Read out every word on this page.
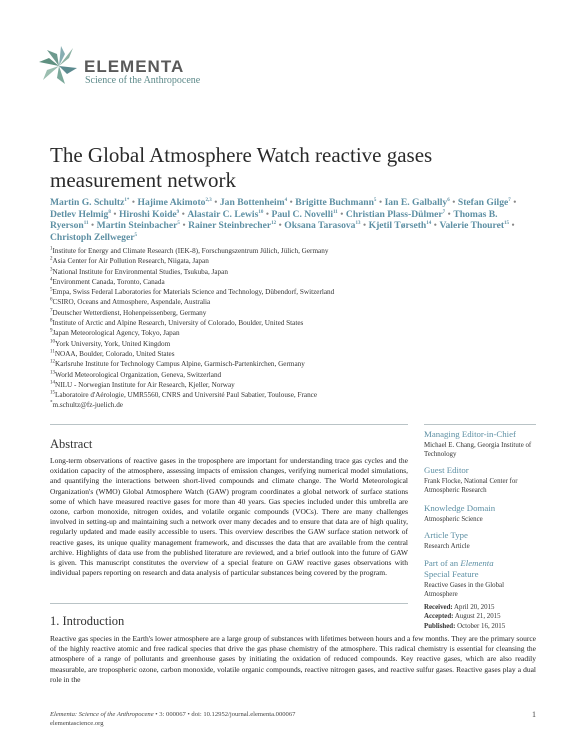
ELEMENTA
Science of the Anthropocene
The Global Atmosphere Watch reactive gases measurement network
Martin G. Schultz$^{1*}$ • Hajime Akimoto$^{2,3}$ • Jan Bottenheim$^4$ • Brigitte Buchmann$^5$ • Ian E. Galbally$^6$ • Stefan Gilge$^7$ • Detlev Helmig$^8$ • Hiroshi Koide$^9$ • Alastair C. Lewis$^{10}$ • Paul C. Novelli$^{11}$ • Christian Plass-Dülmer$^7$ • Thomas B. Ryerson$^{11}$ • Martin Steinbacher$^5$ • Rainer Steinbrecher$^{12}$ • Oksana Tarasova$^{13}$ • Kjetil Tørseth$^{14}$ • Valerie Thouret$^{15}$ • Christoph Zellweger$^5$
$^1$Institute for Energy and Climate Research (IEK-8), Forschungszentrum Jülich, Jülich, Germany
$^2$Asia Center for Air Pollution Research, Niigata, Japan
$^3$National Institute for Environmental Studies, Tsukuba, Japan
$^4$Environment Canada, Toronto, Canada
$^5$Empa, Swiss Federal Laboratories for Materials Science and Technology, Dübendorf, Switzerland
$^6$CSIRO, Oceans and Atmosphere, Aspendale, Australia
$^7$Deutscher Wetterdienst, Hohenpeissenberg, Germany
$^8$Institute of Arctic and Alpine Research, University of Colorado, Boulder, United States
$^9$Japan Meteorological Agency, Tokyo, Japan
$^{10}$York University, York, United Kingdom
$^{11}$NOAA, Boulder, Colorado, United States
$^{12}$Karlsruhe Institute for Technology Campus Alpine, Garmisch-Partenkirchen, Germany
$^{13}$World Meteorological Organization, Geneva, Switzerland
$^{14}$NILU - Norwegian Institute for Air Research, Kjeller, Norway
$^{15}$Laboratoire d'Aérologie, UMR5560, CNRS and Université Paul Sabatier, Toulouse, France
*m.schultz@fz-juelich.de
Abstract
Long-term observations of reactive gases in the troposphere are important for understanding trace gas cycles and the oxidation capacity of the atmosphere, assessing impacts of emission changes, verifying numerical model simulations, and quantifying the interactions between short-lived compounds and climate change. The World Meteorological Organization's (WMO) Global Atmosphere Watch (GAW) program coordinates a global network of surface stations some of which have measured reactive gases for more than 40 years. Gas species included under this umbrella are ozone, carbon monoxide, nitrogen oxides, and volatile organic compounds (VOCs). There are many challenges involved in setting-up and maintaining such a network over many decades and to ensure that data are of high quality, regularly updated and made easily accessible to users. This overview describes the GAW surface station network of reactive gases, its unique quality management framework, and discusses the data that are available from the central archive. Highlights of data use from the published literature are reviewed, and a brief outlook into the future of GAW is given. This manuscript constitutes the overview of a special feature on GAW reactive gases observations with individual papers reporting on research and data analysis of particular substances being covered by the program.
1. Introduction
Reactive gas species in the Earth's lower atmosphere are a large group of substances with lifetimes between hours and a few months. They are the primary source of the highly reactive atomic and free radical species that drive the gas phase chemistry of the atmosphere. This radical chemistry is essential for cleansing the atmosphere of a range of pollutants and greenhouse gases by initiating the oxidation of reduced compounds. Key reactive gases, which are also readily measurable, are tropospheric ozone, carbon monoxide, volatile organic compounds, reactive nitrogen gases, and reactive sulfur gases. Reactive gases play a dual role in the
Managing Editor-in-Chief
Michael E. Chang, Georgia Institute of Technology
Guest Editor
Frank Flocke, National Center for Atmospheric Research
Knowledge Domain
Atmospheric Science
Article Type
Research Article
Part of an Elementa
Special Feature
Reactive Gases in the Global Atmosphere
Received: April 20, 2015
Accepted: August 21, 2015
Published: October 16, 2015
Elementa: Science of the Anthropocene • 3: 000067 • doi: 10.12952/journal.elementa.000067
elementascience.org
1
